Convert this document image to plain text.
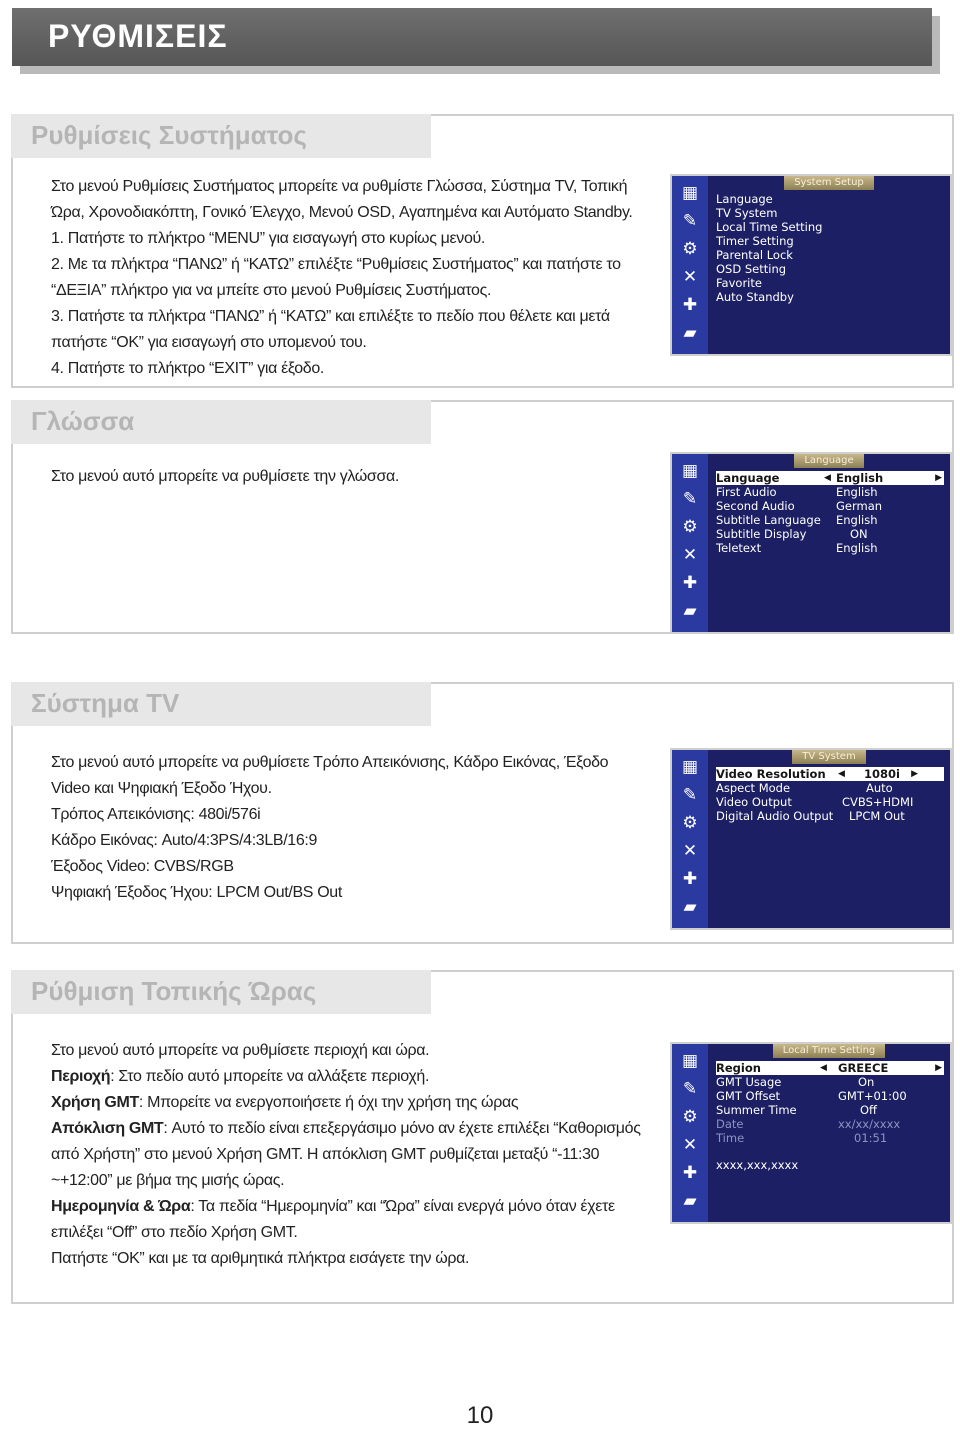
ΡΥΘΜΙΣΕΙΣ
Ρυθμίσεις Συστήματος

Στο μενού Ρυθμίσεις Συστήματος μπορείτε να ρυθμίστε Γλώσσα, Σύστημα TV, Τοπική Ώρα, Χρονοδιακόπτη, Γονικό Έλεγχο, Μενού OSD, Αγαπημένα και Αυτόματο Standby.

1. Πατήστε το πλήκτρο “MENU” για εισαγωγή στο κυρίως μενού.

2. Με τα πλήκτρα “ΠΑΝΩ” ή “ΚΑΤΩ” επιλέξτε “Ρυθμίσεις Συστήματος” και πατήστε το “ΔΕΞΙΑ” πλήκτρο για να μπείτε στο μενού Ρυθμίσεις Συστήματος.

3. Πατήστε τα πλήκτρα “ΠΑΝΩ” ή “ΚΑΤΩ” και επιλέξτε το πεδίο που θέλετε και μετά πατήστε “ΟΚ” για εισαγωγή στο υπομενού του.

4. Πατήστε το πλήκτρο “EXIT” για έξοδο.

▦
✎
⚙
✕
✚
▰
System Setup
Language
TV System
Local Time Setting
Timer Setting
Parental Lock
OSD Setting
Favorite
Auto Standby
Γλώσσα

Στο μενού αυτό μπορείτε να ρυθμίσετε την γλώσσα.	▦
✎
⚙
✕
✚
▰
Language
Language	◀ English	▶
First Audio	English
Second Audio	German
Subtitle Language English
Subtitle Display	ON
Teletext	English
Σύστημα TV

Στο μενού αυτό μπορείτε να ρυθμίσετε Τρόπο Απεικόνισης, Κάδρο Εικόνας, Έξοδο Video και Ψηφιακή Έξοδο Ήχου.

Τρόπος Απεικόνισης: 480i/576i

Κάδρο Εικόνας: Auto/4:3PS/4:3LB/16:9

Έξοδος Video: CVBS/RGB

Ψηφιακή Έξοδος Ήχου: LPCM Out/BS Out

▦
✎
⚙
✕
✚
▰
TV System
Video Resolution ◀ 1080i ▶
Aspect Mode	Auto
Video Output	CVBS+HDMI
Digital Audio Output LPCM Out
Ρύθμιση Τοπικής Ώρας

Στο μενού αυτό μπορείτε να ρυθμίσετε περιοχή και ώρα.

Περιοχή: Στο πεδίο αυτό μπορείτε να αλλάξετε περιοχή.

Χρήση GMT: Μπορείτε να ενεργοποιήσετε ή όχι την χρήση της ώρας

Απόκλιση GMT: Αυτό το πεδίο είναι επεξεργάσιμο μόνο αν έχετε επιλέξει “Καθορισμός από Χρήστη” στο μενού Χρήση GMT. Η απόκλιση GMT ρυθμίζεται μεταξύ “-11:30 ~+12:00” με βήμα της μισής ώρας.

Ημερομηνία & Ώρα: Τα πεδία “Ημερομηνία” και “Ώρα” είναι ενεργά μόνο όταν έχετε επιλέξει “Off” στο πεδίο Χρήση GMT.

Πατήστε “OK” και με τα αριθμητικά πλήκτρα εισάγετε την ώρα.

▦
✎
⚙
✕
✚
▰
Local Time Setting
Region	◀ GREECE	▶
GMT Usage	On
GMT Offset	GMT+01:00
Summer Time	Off
Date	xx/xx/xxxx
Time	01:51
xxxx,xxx,xxxx
10
